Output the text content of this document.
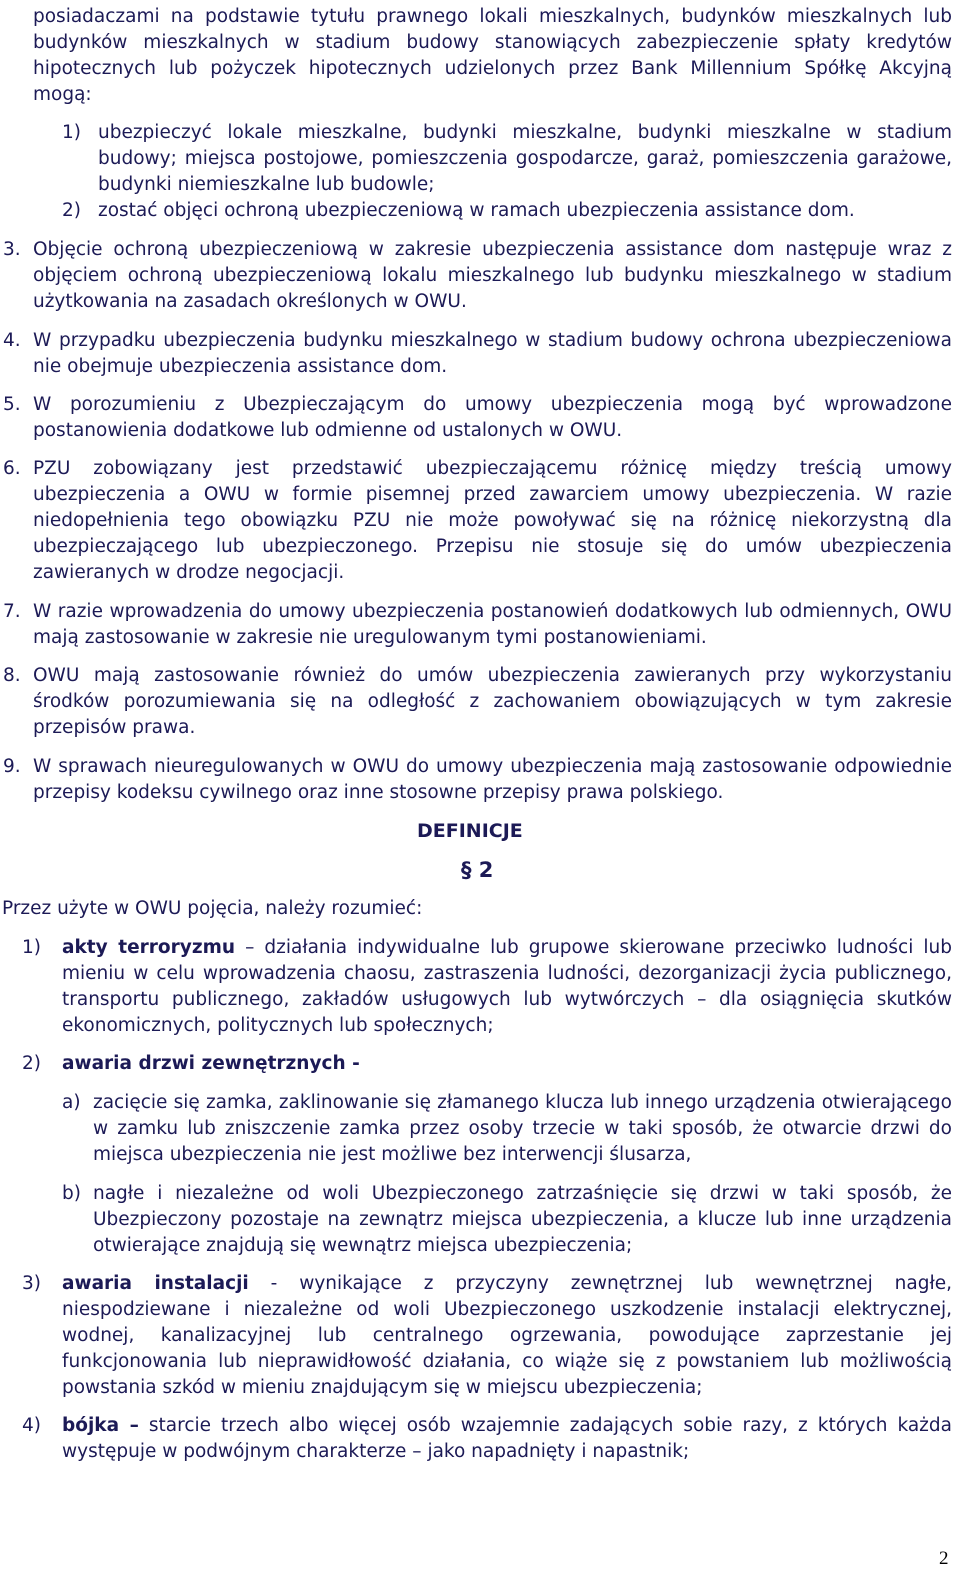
posiadaczami na podstawie tytułu prawnego lokali mieszkalnych, budynków mieszkalnych lub budynków mieszkalnych w stadium budowy stanowiących zabezpieczenie spłaty kredytów hipotecznych lub pożyczek hipotecznych udzielonych przez Bank Millennium Spółkę Akcyjną mogą:

1) ubezpieczyć lokale mieszkalne, budynki mieszkalne, budynki mieszkalne w stadium budowy; miejsca postojowe, pomieszczenia gospodarcze, garaż, pomieszczenia garażowe, budynki niemieszkalne lub budowle;
2) zostać objęci ochroną ubezpieczeniową w ramach ubezpieczenia assistance dom.
3. Objęcie ochroną ubezpieczeniową w zakresie ubezpieczenia assistance dom następuje wraz z objęciem ochroną ubezpieczeniową lokalu mieszkalnego lub budynku mieszkalnego w stadium użytkowania na zasadach określonych w OWU.
4. W przypadku ubezpieczenia budynku mieszkalnego w stadium budowy ochrona ubezpieczeniowa nie obejmuje ubezpieczenia assistance dom.
5. W porozumieniu z Ubezpieczającym do umowy ubezpieczenia mogą być wprowadzone postanowienia dodatkowe lub odmienne od ustalonych w OWU.
6. PZU zobowiązany jest przedstawić ubezpieczającemu różnicę między treścią umowy ubezpieczenia a OWU w formie pisemnej przed zawarciem umowy ubezpieczenia. W razie niedopełnienia tego obowiązku PZU nie może powoływać się na różnicę niekorzystną dla ubezpieczającego lub ubezpieczonego. Przepisu nie stosuje się do umów ubezpieczenia zawieranych w drodze negocjacji.
7. W razie wprowadzenia do umowy ubezpieczenia postanowień dodatkowych lub odmiennych, OWU mają zastosowanie w zakresie nie uregulowanym tymi postanowieniami.
8. OWU mają zastosowanie również do umów ubezpieczenia zawieranych przy wykorzystaniu środków porozumiewania się na odległość z zachowaniem obowiązujących w tym zakresie przepisów prawa.
9. W sprawach nieuregulowanych w OWU do umowy ubezpieczenia mają zastosowanie odpowiednie przepisy kodeksu cywilnego oraz inne stosowne przepisy prawa polskiego.
DEFINICJE
§ 2

Przez użyte w OWU pojęcia, należy rozumieć:

1) akty terroryzmu – działania indywidualne lub grupowe skierowane przeciwko ludności lub mieniu w celu wprowadzenia chaosu, zastraszenia ludności, dezorganizacji życia publicznego, transportu publicznego, zakładów usługowych lub wytwórczych – dla osiągnięcia skutków ekonomicznych, politycznych lub społecznych;

2) awaria drzwi zewnętrznych -
a) zacięcie się zamka, zaklinowanie się złamanego klucza lub innego urządzenia otwierającego w zamku lub zniszczenie zamka przez osoby trzecie w taki sposób, że otwarcie drzwi do miejsca ubezpieczenia nie jest możliwe bez interwencji ślusarza,
b) nagłe i niezależne od woli Ubezpieczonego zatrzaśnięcie się drzwi w taki sposób, że Ubezpieczony pozostaje na zewnątrz miejsca ubezpieczenia, a klucze lub inne urządzenia otwierające znajdują się wewnątrz miejsca ubezpieczenia;
3) awaria instalacji - wynikające z przyczyny zewnętrznej lub wewnętrznej nagłe, niespodziewane i niezależne od woli Ubezpieczonego uszkodzenie instalacji elektrycznej, wodnej, kanalizacyjnej lub centralnego ogrzewania, powodujące zaprzestanie jej funkcjonowania lub nieprawidłowość działania, co wiąże się z powstaniem lub możliwością powstania szkód w mieniu znajdującym się w miejscu ubezpieczenia;

4) bójka – starcie trzech albo więcej osób wzajemnie zadających sobie razy, z których każda występuje w podwójnym charakterze – jako napadnięty i napastnik;

2
